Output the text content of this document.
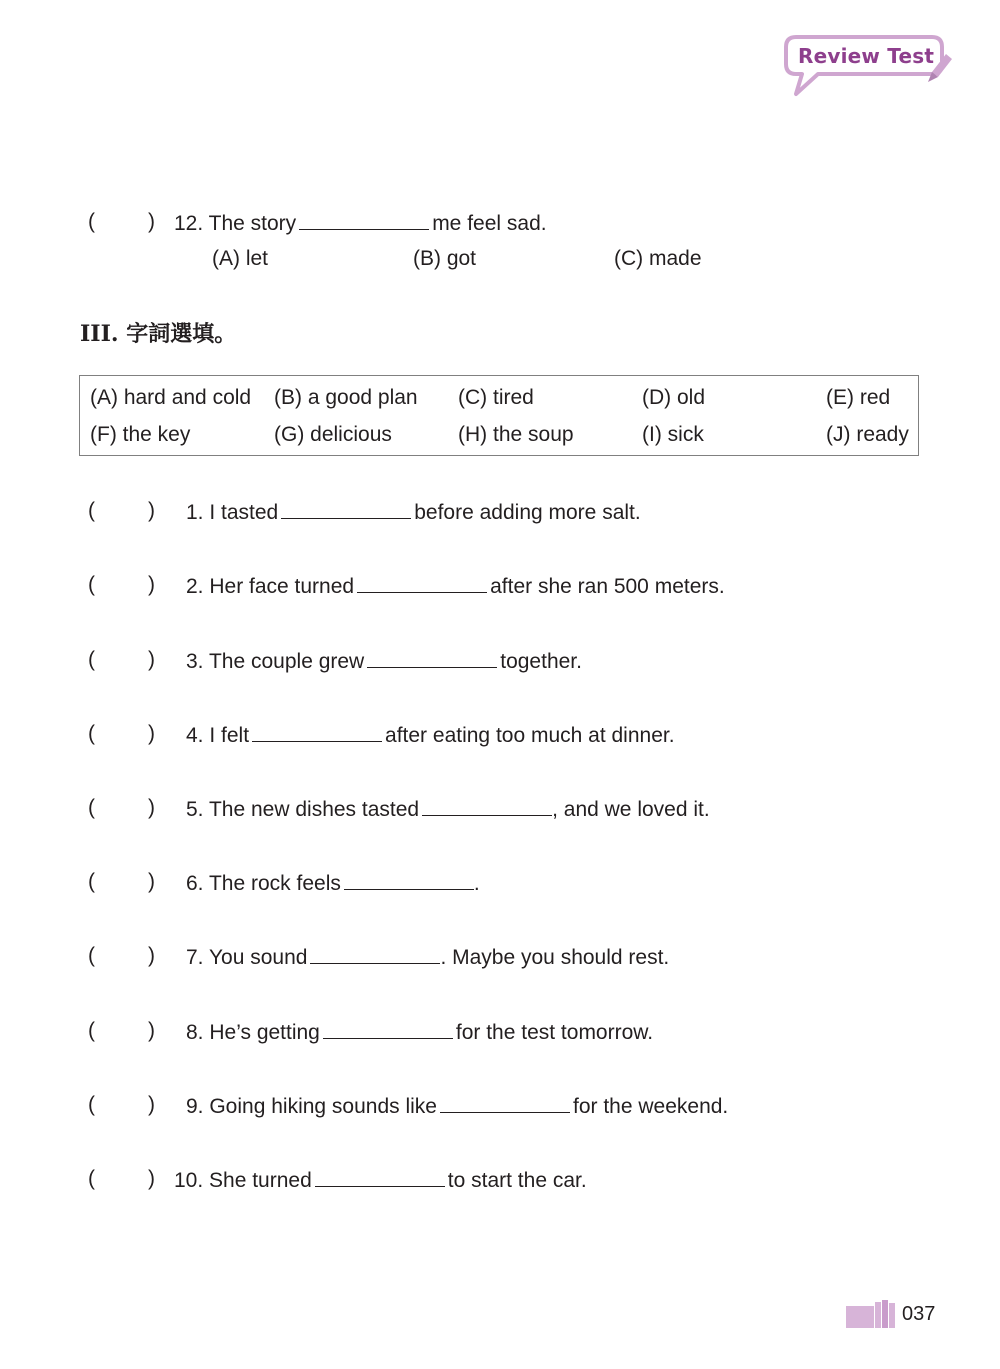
Review Test
(	) 12. The story	me feel sad.
(A) let	(B) got	(C) made
III. 字詞選填。
(A) hard and cold (B) a good plan (C) tired	(D) old	(E) red
(F) the key	(G) delicious	(H) the soup	(I) sick	(J) ready
(	) 1. I tasted	before adding more salt.
(	) 2. Her face turned	after she ran 500 meters.
(	) 3. The couple grew	together.
(	) 4. I felt	after eating too much at dinner.
(	) 5. The new dishes tasted	, and we loved it.
(	) 6. The rock feels	.
(	) 7. You sound	. Maybe you should rest.
(	) 8. He’s getting	for the test tomorrow.
(	) 9. Going hiking sounds like	for the weekend.
(	) 10. She turned	to start the car.
037
